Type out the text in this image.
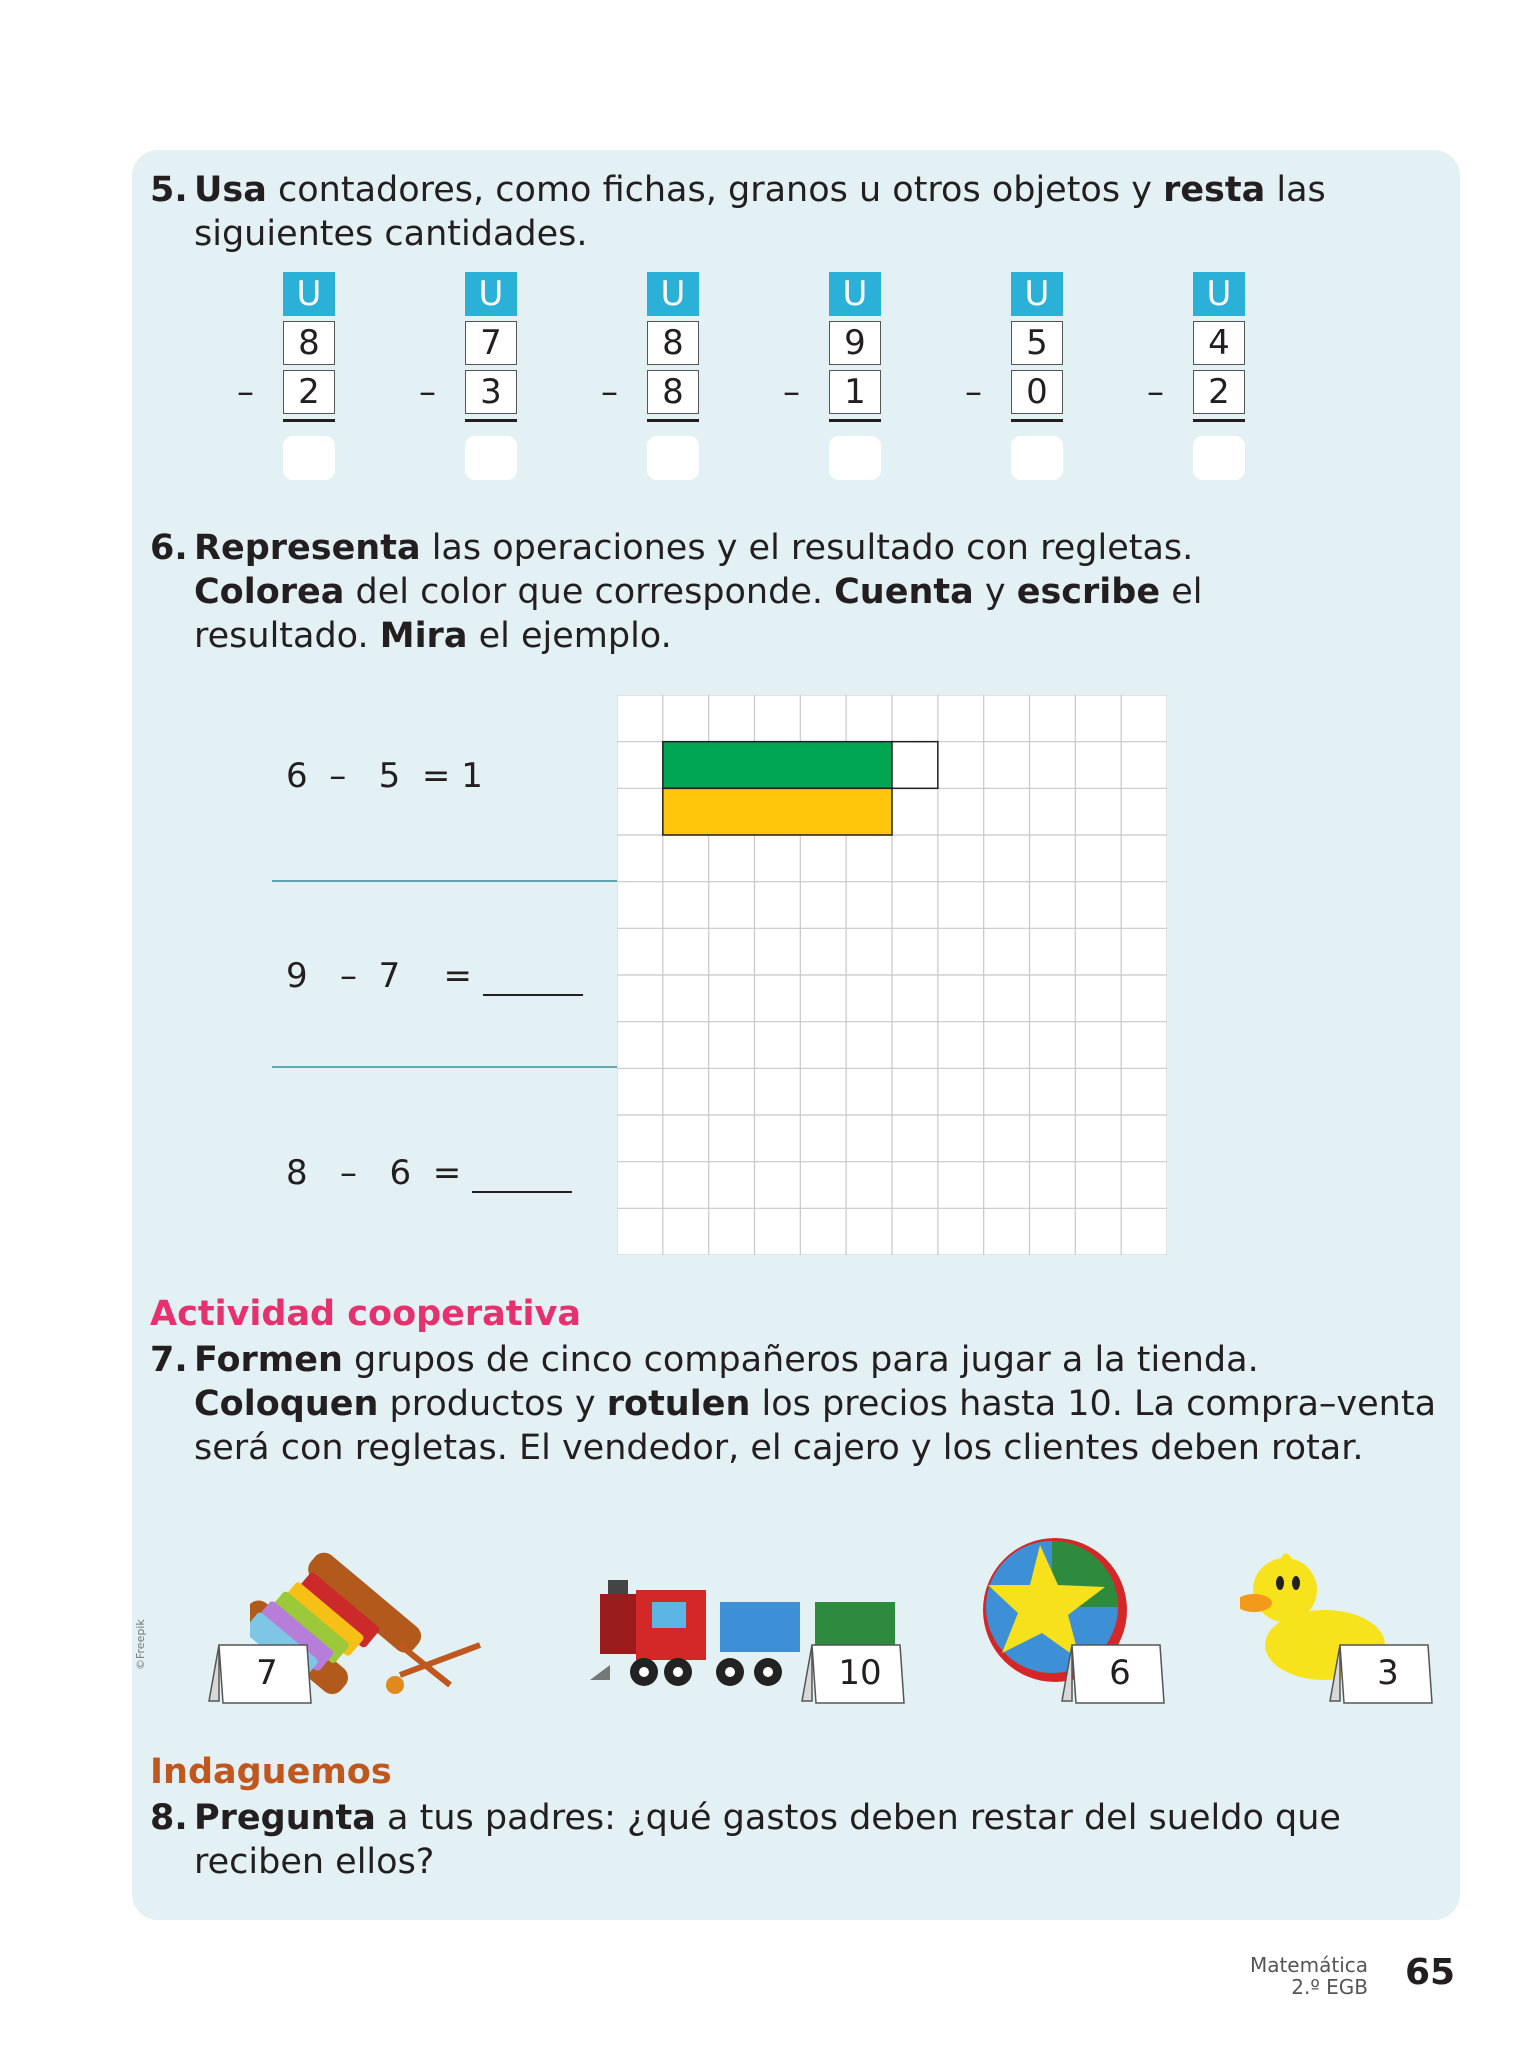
5. Usa contadores, como fichas, granos u otros objetos y resta las siguientes cantidades.
–
U
8
2	–
U
7
3	–
U
8
8	–
U
9
1	–
U
5
0	–
U
4
2
6. Representa las operaciones y el resultado con regletas. Colorea del color que corresponde. Cuenta y escribe el resultado. Mira el ejemplo.
6  –   5  = 1
9   –  7    =
8   –   6  =
Actividad cooperativa
7. Formen grupos de cinco compañeros para jugar a la tienda. Coloquen productos y rotulen los precios hasta 10. La compra–venta será con regletas. El vendedor, el cajero y los clientes deben rotar.
7	10	6	3
©Freepik
Indaguemos
8. Pregunta a tus padres: ¿qué gastos deben restar del sueldo que reciben ellos?
Matemática
2.º EGB 65
